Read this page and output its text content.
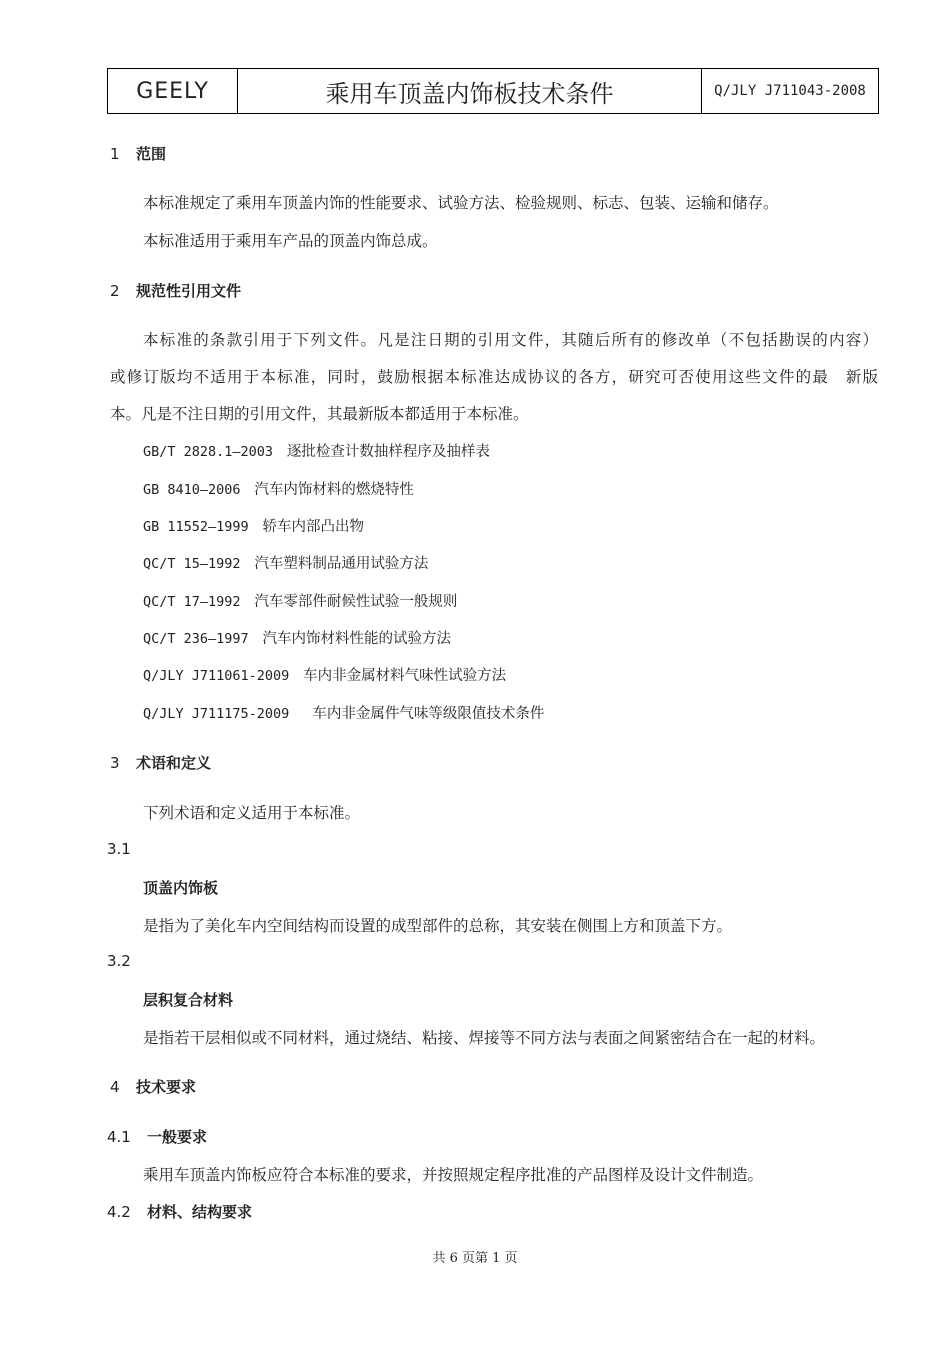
GEELY	乘用车顶盖内饰板技术条件	Q/JLY J711043-2008
1 范围
本标准规定了乘用车顶盖内饰的性能要求、试验方法、检验规则、标志、包装、运输和储存。
本标准适用于乘用车产品的顶盖内饰总成。
2 规范性引用文件
本标准的条款引用于下列文件。凡是注日期的引用文件，其随后所有的修改单（不包括勘误的内容）
或修订版均不适用于本标准，同时，鼓励根据本标准达成协议的各方，研究可否使用这些文件的最　新版
本。凡是不注日期的引用文件，其最新版本都适用于本标准。
GB/T 2828.1—2003 逐批检查计数抽样程序及抽样表
GB 8410—2006 汽车内饰材料的燃烧特性
GB 11552—1999 轿车内部凸出物
QC/T 15—1992 汽车塑料制品通用试验方法
QC/T 17—1992 汽车零部件耐候性试验一般规则
QC/T 236—1997 汽车内饰材料性能的试验方法
Q/JLY J711061-2009 车内非金属材料气味性试验方法
Q/JLY J711175-2009 车内非金属件气味等级限值技术条件
3 术语和定义
下列术语和定义适用于本标准。
3.1
顶盖内饰板
是指为了美化车内空间结构而设置的成型部件的总称，其安装在侧围上方和顶盖下方。
3.2
层积复合材料
是指若干层相似或不同材料，通过烧结、粘接、焊接等不同方法与表面之间紧密结合在一起的材料。
4 技术要求
4.1 一般要求
乘用车顶盖内饰板应符合本标准的要求，并按照规定程序批准的产品图样及设计文件制造。
4.2 材料、结构要求
共 6 页第 1 页
